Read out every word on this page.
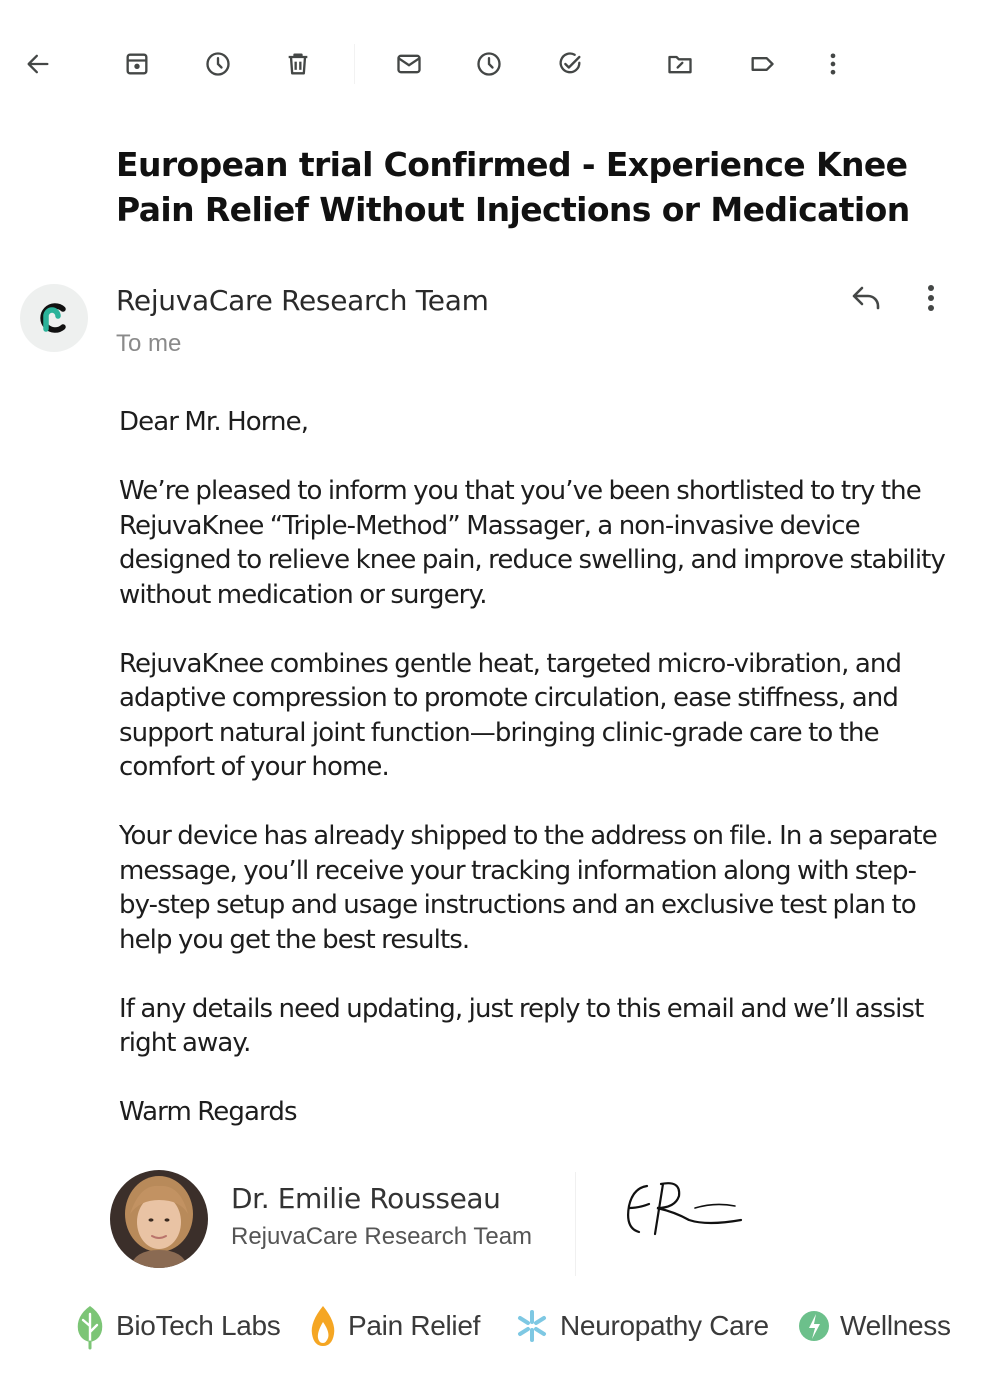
European trial Confirmed - Experience Knee Pain Relief Without Injections or Medication
RejuvaCare Research Team
To me

Dear Mr. Horne,

We’re pleased to inform you that you’ve been shortlisted to try the RejuvaKnee “Triple-Method” Massager, a non-invasive device designed to relieve knee pain, reduce swelling, and improve stability without medication or surgery.

RejuvaKnee combines gentle heat, targeted micro-vibration, and adaptive compression to promote circulation, ease stiffness, and support natural joint function—bringing clinic-grade care to the comfort of your home.

Your device has already shipped to the address on file. In a separate message, you’ll receive your tracking information along with step-by-step setup and usage instructions and an exclusive test plan to help you get the best results.

If any details need updating, just reply to this email and we’ll assist right away.

Warm Regards

Dr. Emilie Rousseau
RejuvaCare Research Team
BioTech Labs Pain Relief	Neuropathy Care	Wellness
